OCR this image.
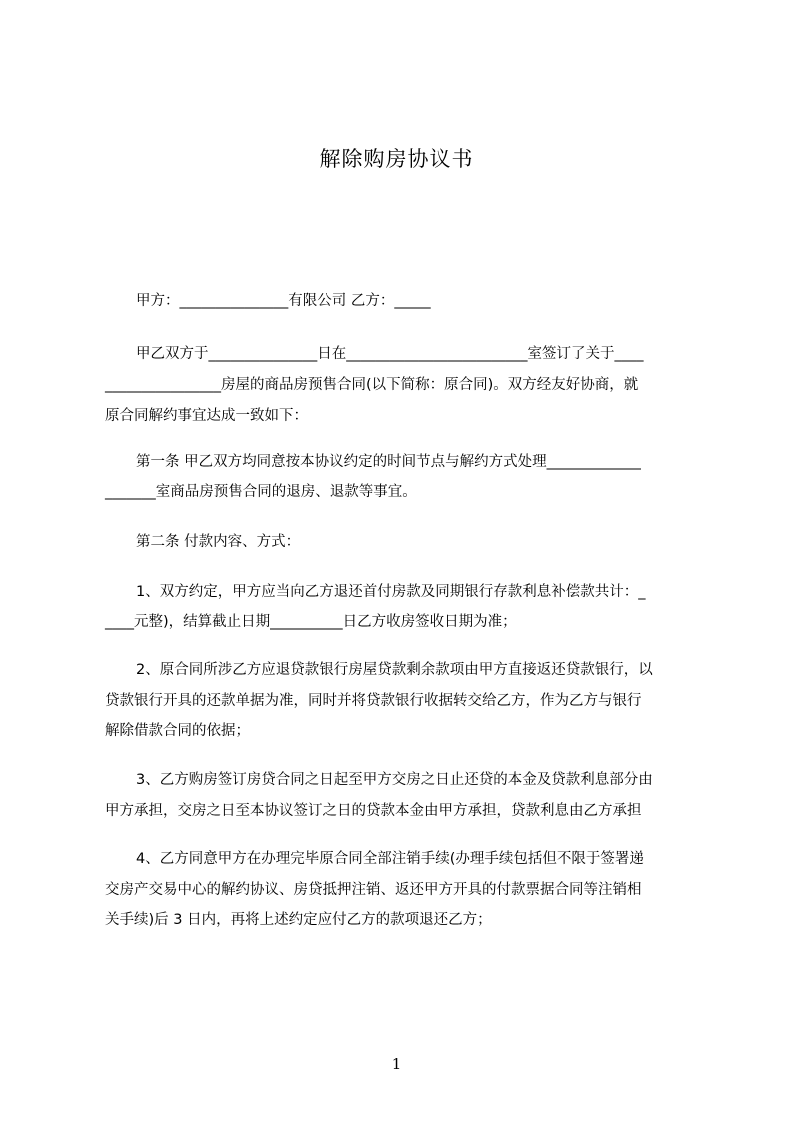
解除购房协议书

甲方：_______________有限公司 乙方：_____

甲乙双方于_______________日在_________________________室签订了关于____

________________房屋的商品房预售合同(以下简称：原合同)。双方经友好协商，就

原合同解约事宜达成一致如下：

第一条 甲乙双方均同意按本协议约定的时间节点与解约方式处理_____________

_______室商品房预售合同的退房、退款等事宜。

第二条 付款内容、方式：

1、双方约定，甲方应当向乙方退还首付房款及同期银行存款利息补偿款共计：_

____元整)，结算截止日期__________日乙方收房签收日期为准；

2、原合同所涉乙方应退贷款银行房屋贷款剩余款项由甲方直接返还贷款银行，以

贷款银行开具的还款单据为准，同时并将贷款银行收据转交给乙方，作为乙方与银行

解除借款合同的依据；

3、乙方购房签订房贷合同之日起至甲方交房之日止还贷的本金及贷款利息部分由

甲方承担，交房之日至本协议签订之日的贷款本金由甲方承担，贷款利息由乙方承担

4、乙方同意甲方在办理完毕原合同全部注销手续(办理手续包括但不限于签署递

交房产交易中心的解约协议、房贷抵押注销、返还甲方开具的付款票据合同等注销相

关手续)后 3 日内，再将上述约定应付乙方的款项退还乙方；

1
